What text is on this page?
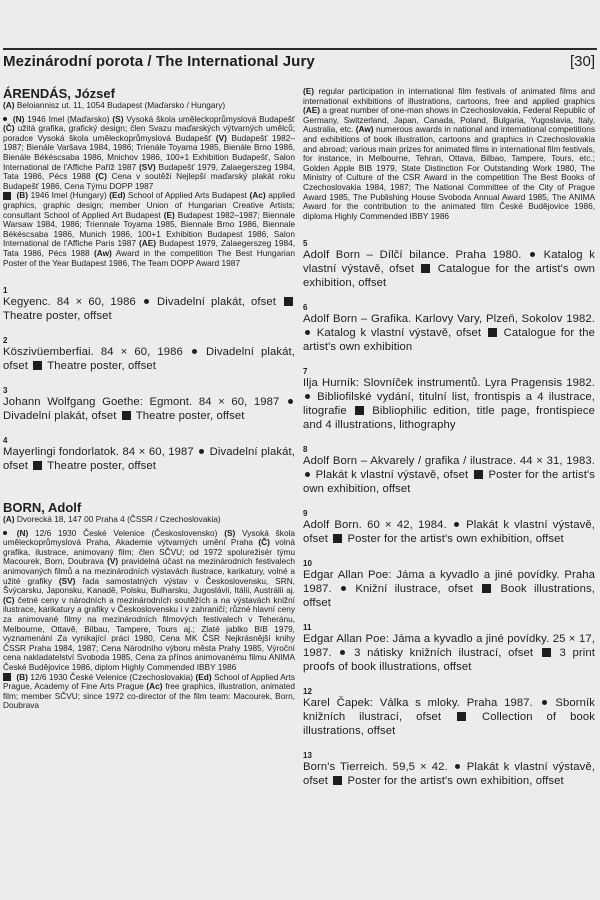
Mezinárodní porota / The International Jury	[30]

ÁRENDÁS, József

(A) Beloiannisz ut. 11, 1054 Budapest (Maďarsko / Hungary)

(N) 1946 Imel (Maďarsko) (S) Vysoká škola uměleckoprůmyslová Budapešť (Č) užitá grafika, grafický design; člen Svazu maďarských výtvarných umělců; poradce Vysoká škola uměleckoprůmyslová Budapešť (V) Budapešť 1982–1987; Bienále Varšava 1984, 1986; Trienále Toyama 1985, Bienále Brno 1986, Bienále Békéscsaba 1986, Mnichov 1986, 100+1 Exhibition Budapešť, Salon International de l'Affiche Paříž 1987 (SV) Budapešť 1979, Zalaegerszeg 1984, Tata 1986, Pécs 1988 (C) Cena v soutěži Nejlepší maďarský plakát roku Budapešť 1986, Cena Týmu DOPP 1987

(B) 1946 Imel (Hungary) (Ed) School of Applied Arts Budapest (Ac) applied graphics, graphic design; member Union of Hungarian Creative Artists; consultant School of Applied Art Budapest (E) Budapest 1982–1987; Biennale Warsaw 1984, 1986; Triennale Toyama 1985, Biennale Brno 1986, Biennale Békéscsaba 1986, Munich 1986, 100+1 Exhibition Budapest 1986, Salon International de l'Affiche Paris 1987 (AE) Budapest 1979, Zalaegerszeg 1984, Tata 1986, Pécs 1988 (Aw) Award in the competition The Best Hungarian Poster of the Year Budapest 1986, The Team DOPP Award 1987

1
Kegyenc. 84 × 60, 1986 Divadelní plakát, ofset  Theatre poster, offset
2
Köszivüemberfiai. 84 × 60, 1986 Divadelní plakát, ofset Theatre poster, offset
3
Johann Wolfgang Goethe: Egmont. 84 × 60, 1987  Divadelní plakát, ofset Theatre poster, offset
4
Mayerlingi fondorlatok. 84 × 60, 1987 Divadelní plakát, ofset Theatre poster, offset

BORN, Adolf

(A) Dvorecká 18, 147 00 Praha 4 (ČSSR / Czechoslovakia)

(N) 12/6 1930 České Velenice (Československo) (S) Vysoká škola uměleckoprůmyslová Praha, Akademie výtvarných umění Praha (Č) volná grafika, ilustrace, animovaný film; člen SČVU; od 1972 spolurežisér týmu Macourek, Born, Doubrava (V) pravidelná účast na mezinárodních festivalech animovaných filmů a na mezinárodních výstavách ilustrace, karikatury, volné a užité grafiky (SV) řada samostatných výstav v Československu, SRN, Švýcarsku, Japonsku, Kanadě, Polsku, Bulharsku, Jugoslávii, Itálii, Austrálii aj. (C) četné ceny v národních a mezinárodních soutěžích a na výstavách knižní ilustrace, karikatury a grafiky v Československu i v zahraničí; různé hlavní ceny za animované filmy na mezinárodních filmových festivalech v Teheránu, Melbourne, Ottavě, Bilbau, Tampere, Tours aj.; Zlaté jablko BIB 1979, vyznamenání Za vynikající práci 1980, Cena MK ČSR Nejkrásnější knihy ČSSR Praha 1984, 1987; Cena Národního výboru města Prahy 1985, Výroční cena nakladatelství Svoboda 1985, Cena za přínos animovanému filmu ANIMA České Budějovice 1986, diplom Highly Commended IBBY 1986

(B) 12/6 1930 České Velenice (Czechoslovakia) (Ed) School of Applied Arts Prague, Academy of Fine Arts Prague (Ac) free graphics, illustration, animated film; member SČVU; since 1972 co-director of the film team: Macourek, Born, Doubrava

(E) regular participation in international film festivals of animated films and international exhibitions of illustrations, cartoons, free and applied graphics (AE) a great number of one-man shows in Czechoslovakia, Federal Republic of Germany, Switzerland, Japan, Canada, Poland, Bulgaria, Yugoslavia, Italy, Australia, etc. (Aw) numerous awards in national and international competitions and exhibitions of book illustration, cartoons and graphics in Czechoslovakia and abroad; various main prizes for animated films in international film festivals, for instance, in Melbourne, Tehran, Ottava, Bilbao, Tampere, Tours, etc.; Golden Apple BIB 1979, State Distinction For Outstanding Work 1980, The Ministry of Culture of the CSR Award in the competition The Best Books of Czechoslovakia 1984, 1987; The National Committee of the City of Prague Award 1985, The Publishing House Svoboda Annual Award 1985, The ANIMA Award for the contribution to the animated film České Budějovice 1986, diploma Highly Commended IBBY 1986

5
Adolf Born – Dílčí bilance. Praha 1980. Katalog k vlastní výstavě, ofset Catalogue for the artist's own exhibition, offset
6
Adolf Born – Grafika. Karlovy Vary, Plzeň, Sokolov 1982.  Katalog k vlastní výstavě, ofset Catalogue for the artist's own exhibition
7
Ilja Hurník: Slovníček instrumentů. Lyra Pragensis 1982.  Bibliofilské vydání, titulní list, frontispis a 4 ilustrace, litografie Bibliophilic edition, title page, frontispiece and 4 illustrations, lithography
8
Adolf Born – Akvarely / grafika / ilustrace. 44 × 31, 1983.  Plakát k vlastní výstavě, ofset Poster for the artist's own exhibition, offset
9
Adolf Born. 60 × 42, 1984. Plakát k vlastní výstavě, ofset Poster for the artist's own exhibition, offset
10
Edgar Allan Poe: Jáma a kyvadlo a jiné povídky. Praha 1987. Knižní ilustrace, ofset Book illustrations, offset
11
Edgar Allan Poe: Jáma a kyvadlo a jiné povídky. 25 × 17, 1987. 3 nátisky knižních ilustrací, ofset 3 print proofs of book illustrations, offset
12
Karel Čapek: Válka s mloky. Praha 1987. Sborník knižních ilustrací, ofset	Collection of book illustrations, offset
13
Born's Tierreich. 59,5 × 42. Plakát k vlastní výstavě, ofset Poster for the artist's own exhibition, offset
